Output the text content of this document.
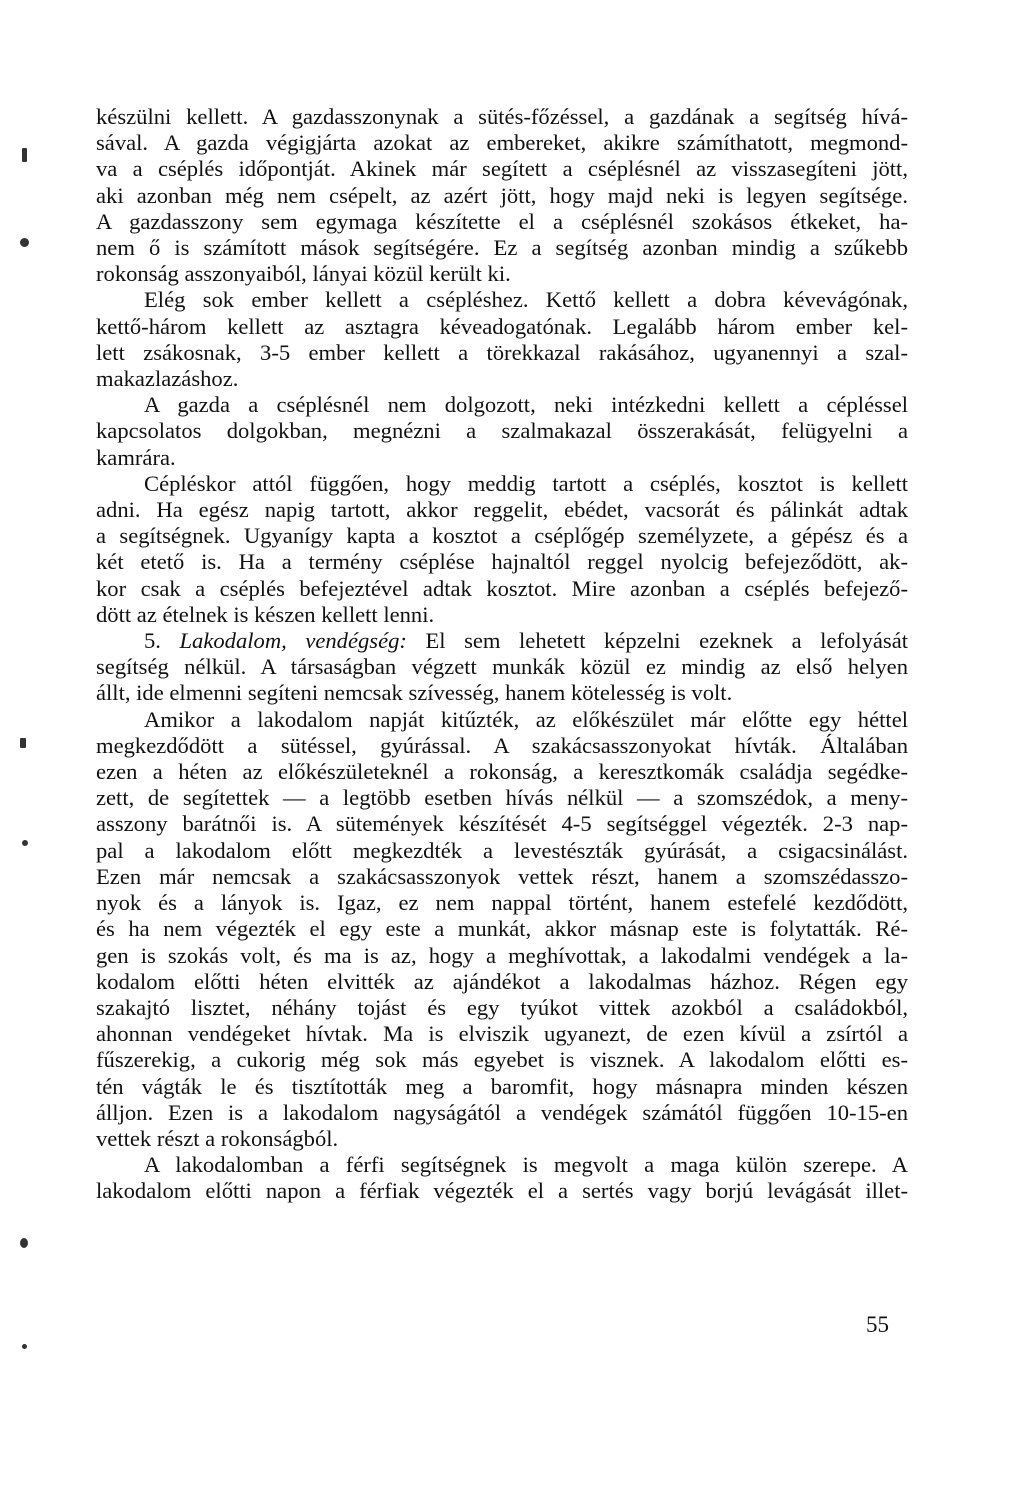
készülni kellett. A gazdasszonynak a sütés-főzéssel, a gazdának a segítség hívá-
sával. A gazda végigjárta azokat az embereket, akikre számíthatott, megmond-
va a cséplés időpontját. Akinek már segített a cséplésnél az visszasegíteni jött,
aki azonban még nem csépelt, az azért jött, hogy majd neki is legyen segítsége.
A gazdasszony sem egymaga készítette el a cséplésnél szokásos étkeket, ha-
nem ő is számított mások segítségére. Ez a segítség azonban mindig a szűkebb
rokonság asszonyaiból, lányai közül került ki.

Elég sok ember kellett a csépléshez. Kettő kellett a dobra kévevágónak,
kettő-három kellett az asztagra kéveadogatónak. Legalább három ember kel-
lett zsákosnak, 3-5 ember kellett a törekkazal rakásához, ugyanennyi a szal-
makazlazáshoz.

A gazda a cséplésnél nem dolgozott, neki intézkedni kellett a cépléssel
kapcsolatos dolgokban, megnézni a szalmakazal összerakását, felügyelni a
kamrára.

Cépléskor attól függően, hogy meddig tartott a cséplés, kosztot is kellett
adni. Ha egész napig tartott, akkor reggelit, ebédet, vacsorát és pálinkát adtak
a segítségnek. Ugyanígy kapta a kosztot a cséplőgép személyzete, a gépész és a
két etető is. Ha a termény cséplése hajnaltól reggel nyolcig befejeződött, ak-
kor csak a cséplés befejeztével adtak kosztot. Mire azonban a cséplés befejező-
dött az ételnek is készen kellett lenni.

5. Lakodalom, vendégség: El sem lehetett képzelni ezeknek a lefolyását
segítség nélkül. A társaságban végzett munkák közül ez mindig az első helyen
állt, ide elmenni segíteni nemcsak szívesség, hanem kötelesség is volt.

Amikor a lakodalom napját kitűzték, az előkészület már előtte egy héttel
megkezdődött a sütéssel, gyúrással. A szakácsasszonyokat hívták. Általában
ezen a héten az előkészületeknél a rokonság, a keresztkomák családja segédke-
zett, de segítettek — a legtöbb esetben hívás nélkül — a szomszédok, a meny-
asszony barátnői is. A sütemények készítését 4-5 segítséggel végezték. 2-3 nap-
pal a lakodalom előtt megkezdték a levestészták gyúrását, a csigacsinálást.
Ezen már nemcsak a szakácsasszonyok vettek részt, hanem a szomszédasszo-
nyok és a lányok is. Igaz, ez nem nappal történt, hanem estefelé kezdődött,
és ha nem végezték el egy este a munkát, akkor másnap este is folytatták. Ré-
gen is szokás volt, és ma is az, hogy a meghívottak, a lakodalmi vendégek a la-
kodalom előtti héten elvitték az ajándékot a lakodalmas házhoz. Régen egy
szakajtó lisztet, néhány tojást és egy tyúkot vittek azokból a családokból,
ahonnan vendégeket hívtak. Ma is elviszik ugyanezt, de ezen kívül a zsírtól a
fűszerekig, a cukorig még sok más egyebet is visznek. A lakodalom előtti es-
tén vágták le és tisztították meg a baromfit, hogy másnapra minden készen
álljon. Ezen is a lakodalom nagyságától a vendégek számától függően 10-15-en
vettek részt a rokonságból.

A lakodalomban a férfi segítségnek is megvolt a maga külön szerepe. A
lakodalom előtti napon a férfiak végezték el a sertés vagy borjú levágását illet-

55
